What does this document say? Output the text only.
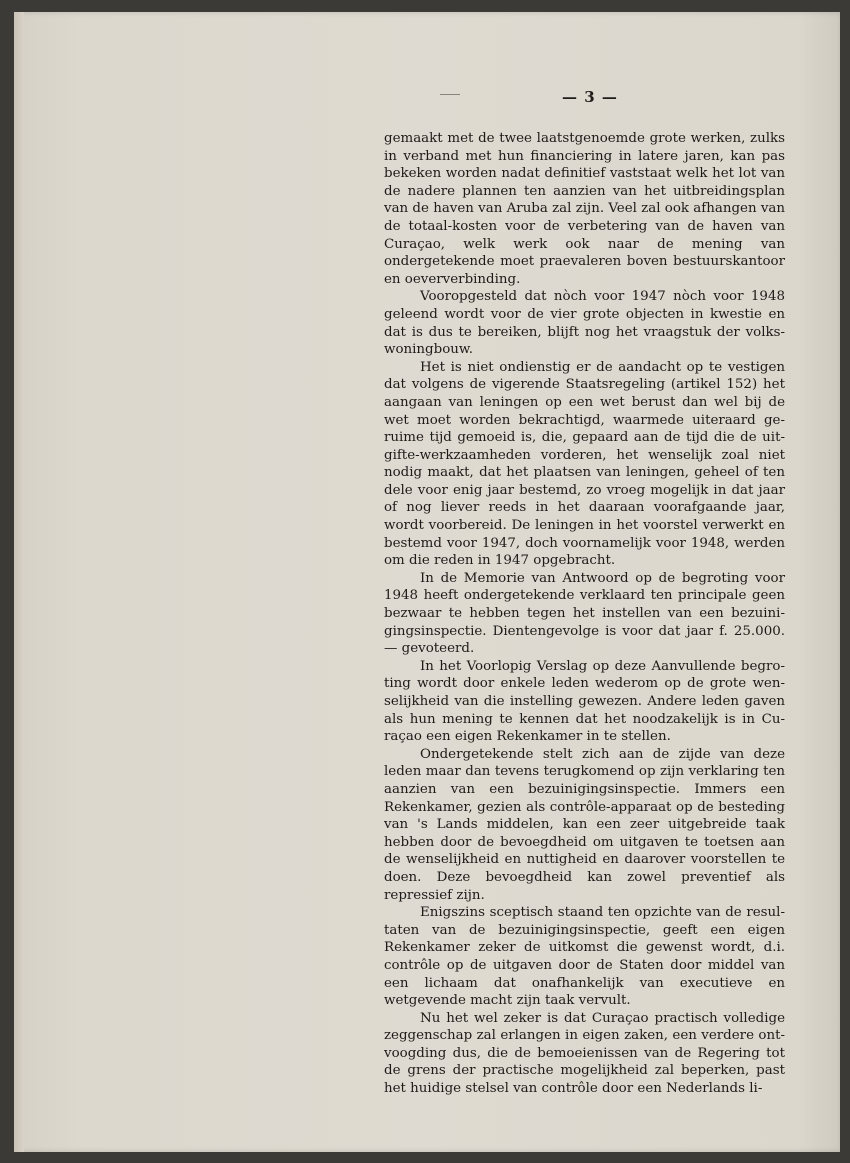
— 3 —

gemaakt met de twee laatstgenoemde grote werken, zulks in verband met hun financiering in latere jaren, kan pas bekeken worden nadat definitief vaststaat welk het lot van de nadere plannen ten aanzien van het uitbreidingsplan van de haven van Aruba zal zijn. Veel zal ook afhangen van de totaal-kosten voor de verbetering van de haven van Curaçao, welk werk ook naar de mening van ondergetekende moet praevaleren boven bestuurskantoor en oeververbinding.

Vooropgesteld dat nòch voor 1947 nòch voor 1948 geleend wordt voor de vier grote objecten in kwestie en dat is dus te bereiken, blijft nog het vraagstuk der volkswoningbouw.

Het is niet ondienstig er de aandacht op te vestigen dat volgens de vigerende Staatsregeling (artikel 152) het aangaan van leningen op een wet berust dan wel bij de wet moet worden bekrachtigd, waarmede uiteraard geruime tijd gemoeid is, die, gepaard aan de tijd die de uitgifte-werkzaamheden vorderen, het wenselijk zoal niet nodig maakt, dat het plaatsen van leningen, geheel of ten dele voor enig jaar bestemd, zo vroeg mogelijk in dat jaar of nog liever reeds in het daaraan voorafgaande jaar, wordt voorbereid. De leningen in het voorstel verwerkt en bestemd voor 1947, doch voornamelijk voor 1948, werden om die reden in 1947 opgebracht.

In de Memorie van Antwoord op de begroting voor 1948 heeft ondergetekende verklaard ten principale geen bezwaar te hebben tegen het instellen van een bezuinigingsinspectie. Dientengevolge is voor dat jaar f. 25.000.— gevoteerd.

In het Voorlopig Verslag op deze Aanvullende begroting wordt door enkele leden wederom op de grote wenselijkheid van die instelling gewezen. Andere leden gaven als hun mening te kennen dat het noodzakelijk is in Curaçao een eigen Rekenkamer in te stellen.

Ondergetekende stelt zich aan de zijde van deze leden maar dan tevens terugkomend op zijn verklaring ten aanzien van een bezuinigingsinspectie. Immers een Rekenkamer, gezien als contrôle-apparaat op de besteding van 's Lands middelen, kan een zeer uitgebreide taak hebben door de bevoegdheid om uitgaven te toetsen aan de wenselijkheid en nuttigheid en daarover voorstellen te doen. Deze bevoegdheid kan zowel preventief als repressief zijn.

Enigszins sceptisch staand ten opzichte van de resultaten van de bezuinigingsinspectie, geeft een eigen Rekenkamer zeker de uitkomst die gewenst wordt, d.i. contrôle op de uitgaven door de Staten door middel van een lichaam dat onafhankelijk van executieve en wetgevende macht zijn taak vervult.

Nu het wel zeker is dat Curaçao practisch volledige zeggenschap zal erlangen in eigen zaken, een verdere ontvoogding dus, die de bemoeienissen van de Regering tot de grens der practische mogelijkheid zal beperken, past het huidige stelsel van contrôle door een Nederlands li-
